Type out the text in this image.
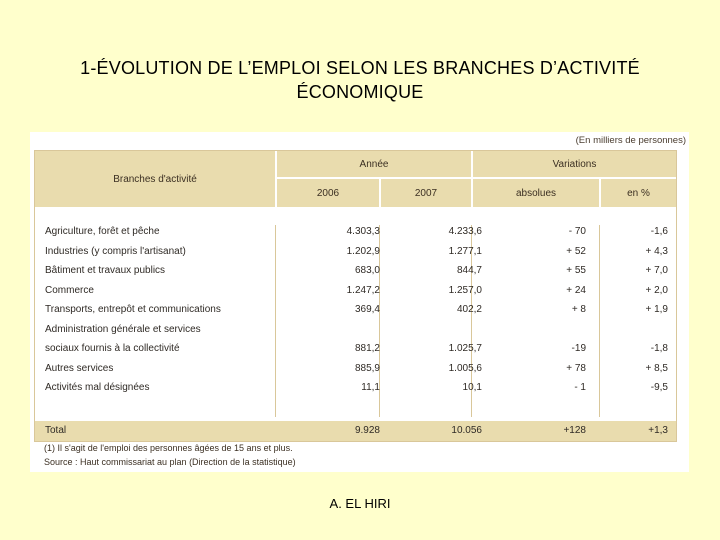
1-ÉVOLUTION DE L’EMPLOI SELON LES BRANCHES D’ACTIVITÉ
ÉCONOMIQUE
(En milliers de personnes)
Branches d'activité
Année	Variations
2006	2007	absolues	en %
Agriculture, forêt et pêche	4.303,3	4.233,6	- 70	-1,6
Industries (y compris l'artisanat)	1.202,9	1.277,1	+ 52	+ 4,3
Bâtiment et travaux publics	683,0	844,7	+ 55	+ 7,0
Commerce	1.247,2	1.257,0	+ 24	+ 2,0
Transports, entrepôt et communications	369,4	402,2	+ 8	+ 1,9
Administration générale et services
sociaux fournis à la collectivité	881,2	1.025,7	-19	-1,8
Autres services	885,9	1.005,6	+ 78	+ 8,5
Activités mal désignées	11,1	10,1	- 1	-9,5
Total	9.928	10.056	+128	+1,3
(1) Il s'agit de l'emploi des personnes âgées de 15 ans et plus.
Source : Haut commissariat au plan (Direction de la statistique)
A. EL HIRI
